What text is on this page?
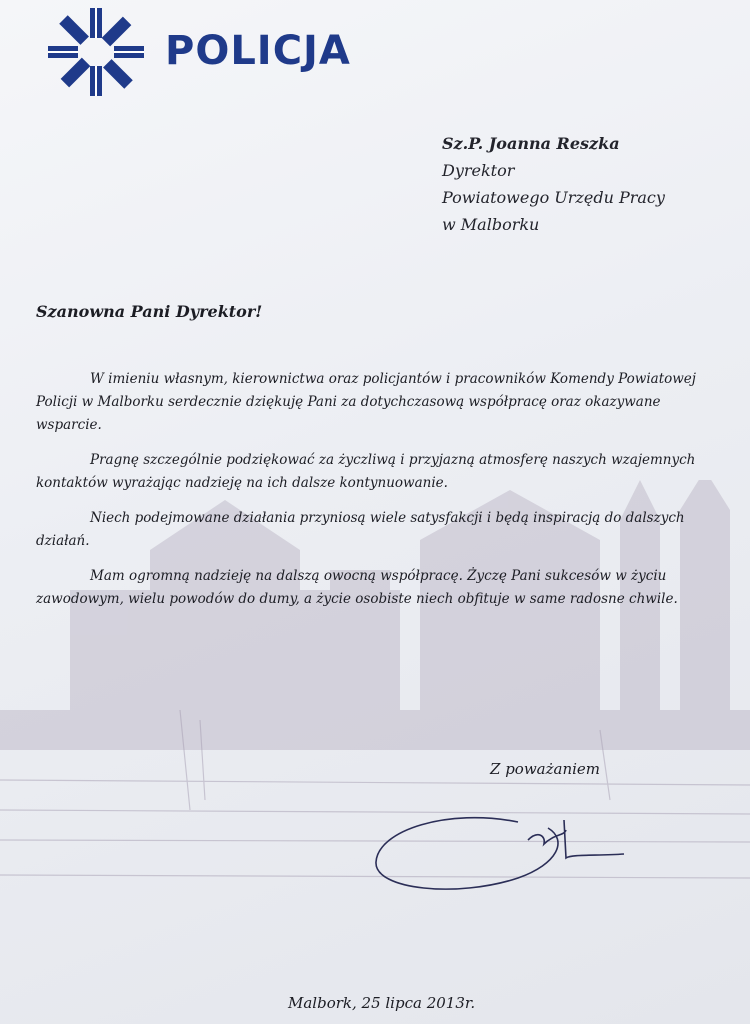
POLICJA
Sz.P. Joanna Reszka
Dyrektor
Powiatowego Urzędu Pracy
w Malborku
Szanowna Pani Dyrektor!

W imieniu własnym, kierownictwa oraz policjantów i pracowników Komendy Powiatowej Policji w Malborku serdecznie dziękuję Pani za dotychczasową współpracę oraz okazywane wsparcie.

Pragnę szczególnie podziękować za życzliwą i przyjazną atmosferę naszych wzajemnych kontaktów wyrażając nadzieję na ich dalsze kontynuowanie.

Niech podejmowane działania przyniosą wiele satysfakcji i będą inspiracją do dalszych działań.

Mam ogromną nadzieję na dalszą owocną współpracę. Życzę Pani sukcesów w życiu zawodowym, wielu powodów do dumy, a życie osobiste niech obfituje w same radosne chwile.

Z poważaniem
Malbork, 25 lipca 2013r.
